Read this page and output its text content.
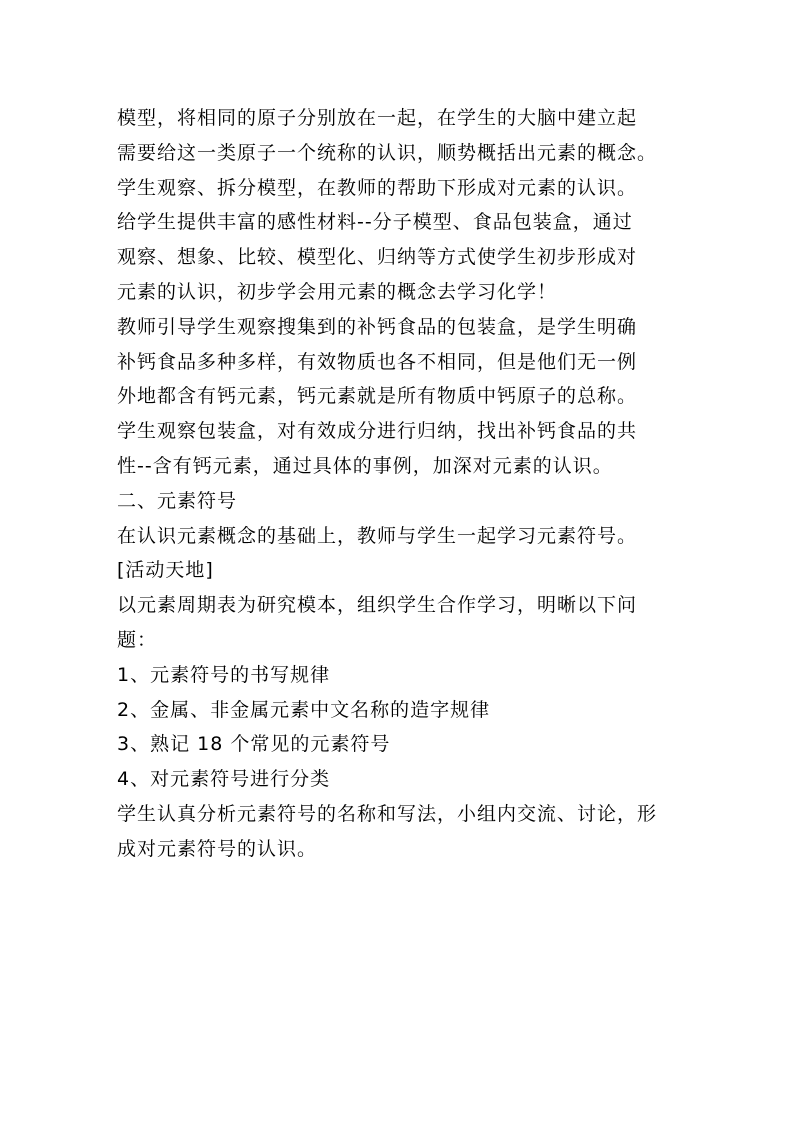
模型，将相同的原子分别放在一起，在学生的大脑中建立起
需要给这一类原子一个统称的认识，顺势概括出元素的概念。
学生观察、拆分模型，在教师的帮助下形成对元素的认识。
给学生提供丰富的感性材料--分子模型、食品包装盒，通过
观察、想象、比较、模型化、归纳等方式使学生初步形成对
元素的认识，初步学会用元素的概念去学习化学！
教师引导学生观察搜集到的补钙食品的包装盒，是学生明确
补钙食品多种多样，有效物质也各不相同，但是他们无一例
外地都含有钙元素，钙元素就是所有物质中钙原子的总称。
学生观察包装盒，对有效成分进行归纳，找出补钙食品的共
性--含有钙元素，通过具体的事例，加深对元素的认识。
二、元素符号
在认识元素概念的基础上，教师与学生一起学习元素符号。
[活动天地]
以元素周期表为研究模本，组织学生合作学习，明晰以下问
题：
1、元素符号的书写规律
2、金属、非金属元素中文名称的造字规律
3、熟记 18 个常见的元素符号
4、对元素符号进行分类
学生认真分析元素符号的名称和写法，小组内交流、讨论，形
成对元素符号的认识。
